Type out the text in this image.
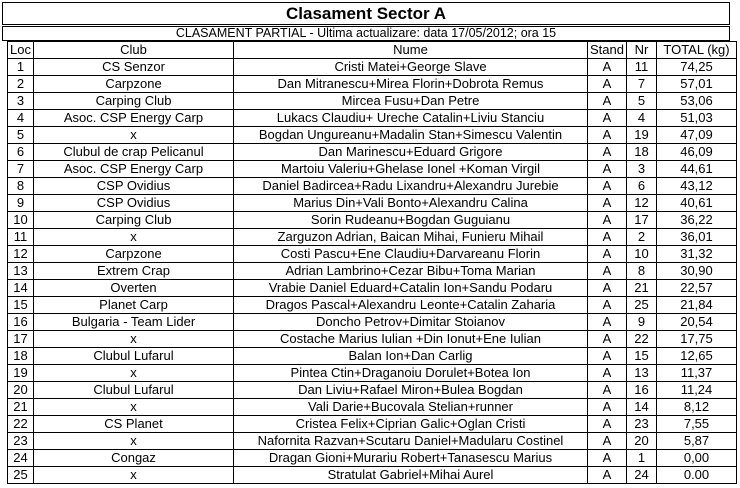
Clasament Sector A
CLASAMENT PARTIAL - Ultima actualizare: data 17/05/2012; ora 15
Loc	Club	Nume	Stand	Nr	TOTAL (kg)
1	CS Senzor	Cristi Matei+George Slave	A	11	74,25
2	Carpzone	Dan Mitranescu+Mirea Florin+Dobrota Remus	A	7	57,01
3	Carping Club	Mircea Fusu+Dan Petre	A	5	53,06
4	Asoc. CSP Energy Carp	Lukacs Claudiu+ Ureche Catalin+Liviu Stanciu	A	4	51,03
5	x	Bogdan Ungureanu+Madalin Stan+Simescu Valentin	A	19	47,09
6	Clubul de crap Pelicanul	Dan Marinescu+Eduard Grigore	A	18	46,09
7	Asoc. CSP Energy Carp	Martoiu Valeriu+Ghelase Ionel +Koman Virgil	A	3	44,61
8	CSP Ovidius	Daniel Badircea+Radu Lixandru+Alexandru Jurebie	A	6	43,12
9	CSP Ovidius	Marius Din+Vali Bonto+Alexandru Calina	A	12	40,61
10	Carping Club	Sorin Rudeanu+Bogdan Guguianu	A	17	36,22
11	x	Zarguzon Adrian, Baican Mihai, Funieru Mihail	A	2	36,01
12	Carpzone	Costi Pascu+Ene Claudiu+Darvareanu Florin	A	10	31,32
13	Extrem Crap	Adrian Lambrino+Cezar Bibu+Toma Marian	A	8	30,90
14	Overten	Vrabie Daniel Eduard+Catalin Ion+Sandu Podaru	A	21	22,57
15	Planet Carp	Dragos Pascal+Alexandru Leonte+Catalin Zaharia	A	25	21,84
16	Bulgaria - Team Lider	Doncho Petrov+Dimitar Stoianov	A	9	20,54
17	x	Costache Marius Iulian +Din Ionut+Ene Iulian	A	22	17,75
18	Clubul Lufarul	Balan Ion+Dan Carlig	A	15	12,65
19	x	Pintea Ctin+Draganoiu Dorulet+Botea Ion	A	13	11,37
20	Clubul Lufarul	Dan Liviu+Rafael Miron+Bulea Bogdan	A	16	11,24
21	x	Vali Darie+Bucovala Stelian+runner	A	14	8,12
22	CS Planet	Cristea Felix+Ciprian Galic+Oglan Cristi	A	23	7,55
23	x	Nafornita Razvan+Scutaru Daniel+Madularu Costinel	A	20	5,87
24	Congaz	Dragan Gioni+Murariu Robert+Tanasescu Marius	A	1	0,00
25	x	Stratulat Gabriel+Mihai Aurel	A	24	0.00
